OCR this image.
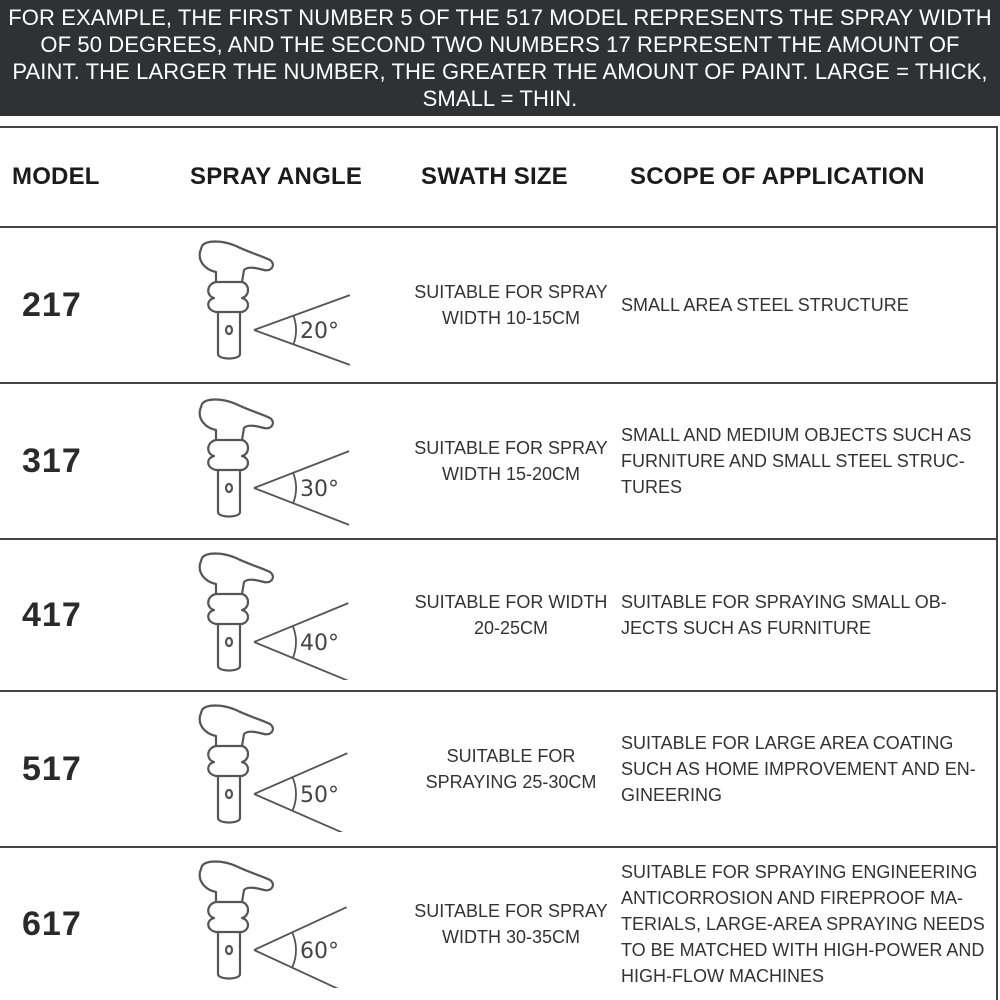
FOR EXAMPLE, THE FIRST NUMBER 5 OF THE 517 MODEL REPRESENTS THE SPRAY WIDTH OF 50 DEGREES, AND THE SECOND TWO NUMBERS 17 REPRESENT THE AMOUNT OF PAINT. THE LARGER THE NUMBER, THE GREATER THE AMOUNT OF PAINT. LARGE = THICK, SMALL = THIN.

MODEL	SPRAY ANGLE SWATH SIZE	SCOPE OF APPLICATION
217
20°
SUITABLE FOR SPRAY WIDTH 10-15CM
SMALL AREA STEEL STRUCTURE
317
30°
SUITABLE FOR SPRAY WIDTH 15-20CM
SMALL AND MEDIUM OBJECTS SUCH AS FURNITURE AND SMALL STEEL STRUC-TURES
417
40°
SUITABLE FOR WIDTH 20-25CM
SUITABLE FOR SPRAYING SMALL OB-JECTS SUCH AS FURNITURE
517
50°
SUITABLE FOR SPRAYING 25-30CM
SUITABLE FOR LARGE AREA COATING SUCH AS HOME IMPROVEMENT AND EN-GINEERING
617
60°
SUITABLE FOR SPRAY WIDTH 30-35CM
SUITABLE FOR SPRAYING ENGINEERING ANTICORROSION AND FIREPROOF MA-TERIALS, LARGE-AREA SPRAYING NEEDS TO BE MATCHED WITH HIGH-POWER AND HIGH-FLOW MACHINES
